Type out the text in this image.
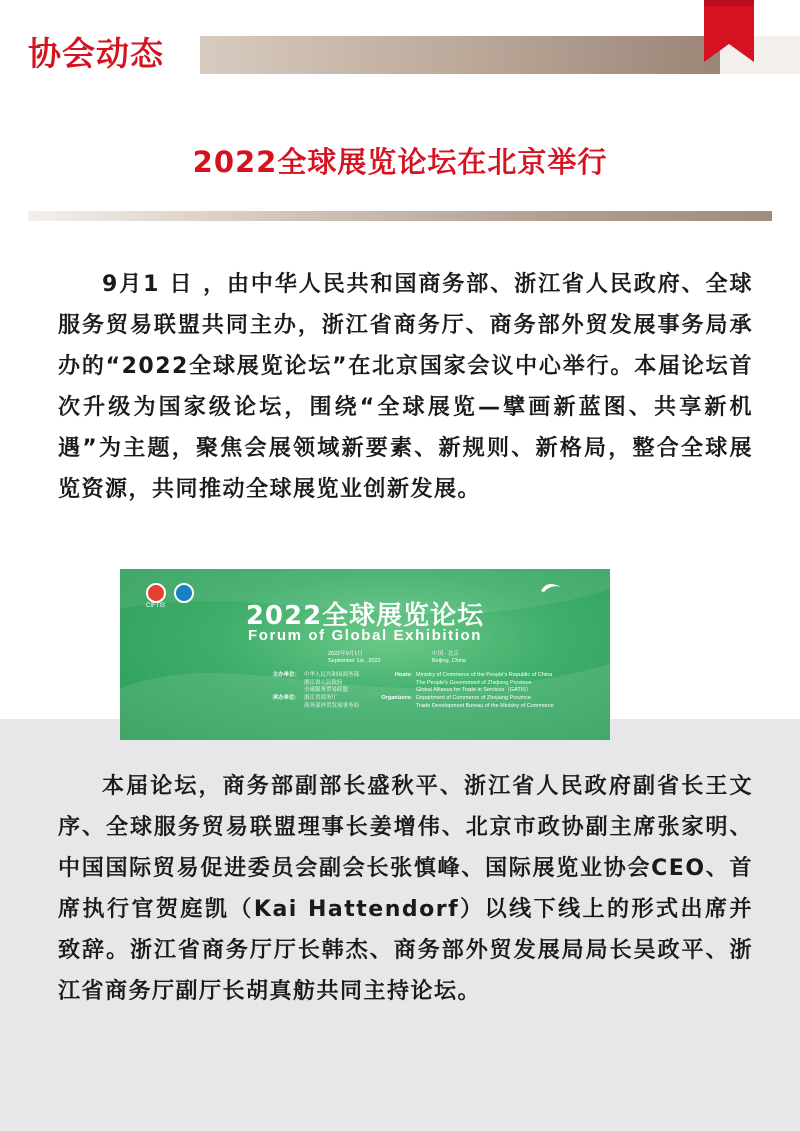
协会动态
2022全球展览论坛在北京举行

9月1 日 ，由中华人民共和国商务部、浙江省人民政府、全球服务贸易联盟共同主办，浙江省商务厅、商务部外贸发展事务局承办的“2022全球展览论坛”在北京国家会议中心举行。本届论坛首次升级为国家级论坛，围绕“全球展览—擘画新蓝图、共享新机遇”为主题，聚焦会展领域新要素、新规则、新格局，整合全球展览资源，共同推动全球展览业创新发展。

CIFTIS	2022全球展览论坛
Forum of Global Exhibition
2022年9月1日
September 1st , 2022
中国 · 北京
Beijing, China
主办单位： 中华人民共和国商务部
浙江省人民政府
全球服务贸易联盟
承办单位： 浙江省商务厅
商务部外贸发展事务局
Hosts: Ministry of Commerce of the People's Republic of China
The People's Government of Zhejiang Province
Global Alliance for Trade in Services（GATIS）
Organizers: Department of Commerce of Zhejiang Province
Trade Development Bureau of the Ministry of Commerce

本届论坛，商务部副部长盛秋平、浙江省人民政府副省长王文序、全球服务贸易联盟理事长姜增伟、北京市政协副主席张家明、中国国际贸易促进委员会副会长张慎峰、国际展览业协会CEO、首席执行官贺庭凯（Kai Hattendorf）以线下线上的形式出席并致辞。浙江省商务厅厅长韩杰、商务部外贸发展局局长吴政平、浙江省商务厅副厅长胡真舫共同主持论坛。
